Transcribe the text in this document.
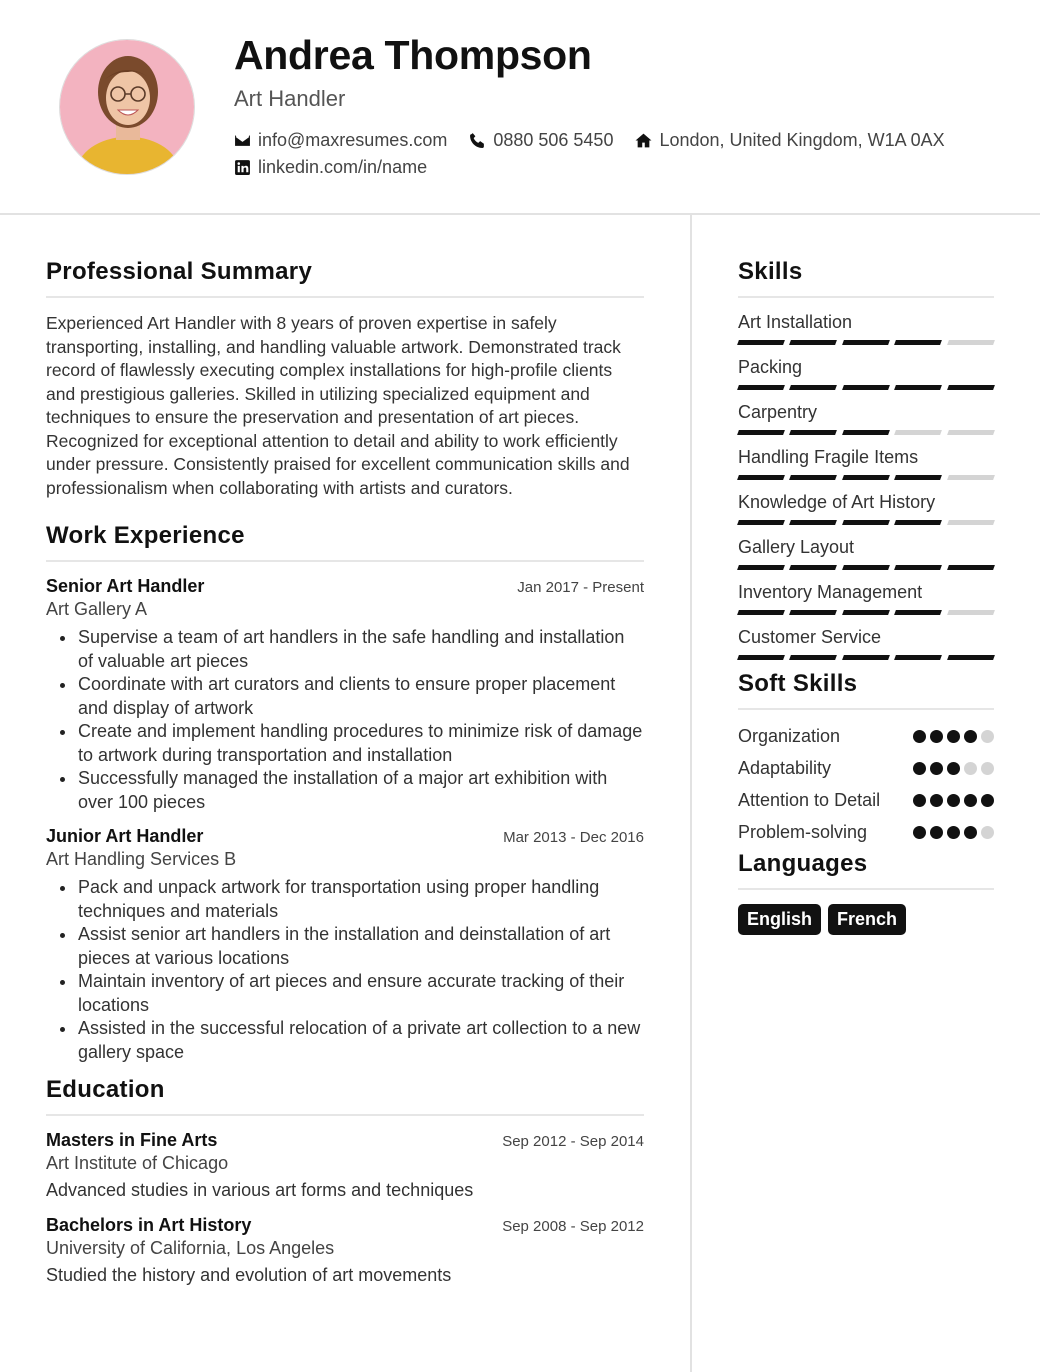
Andrea Thompson
Art Handler
info@maxresumes.com	0880 506 5450	London, United Kingdom, W1A 0AX
linkedin.com/in/name
Professional Summary

Experienced Art Handler with 8 years of proven expertise in safely transporting, installing, and handling valuable artwork. Demonstrated track record of flawlessly executing complex installations for high-profile clients and prestigious galleries. Skilled in utilizing specialized equipment and techniques to ensure the preservation and presentation of art pieces. Recognized for exceptional attention to detail and ability to work efficiently under pressure. Consistently praised for excellent communication skills and professionalism when collaborating with artists and curators.

Work Experience
Senior Art Handler	Jan 2017 - Present
Art Gallery A
Supervise a team of art handlers in the safe handling and installation of valuable art pieces
Coordinate with art curators and clients to ensure proper placement and display of artwork
Create and implement handling procedures to minimize risk of damage to artwork during transportation and installation
Successfully managed the installation of a major art exhibition with over 100 pieces
Junior Art Handler	Mar 2013 - Dec 2016
Art Handling Services B
Pack and unpack artwork for transportation using proper handling techniques and materials
Assist senior art handlers in the installation and deinstallation of art pieces at various locations
Maintain inventory of art pieces and ensure accurate tracking of their locations
Assisted in the successful relocation of a private art collection to a new gallery space
Education
Masters in Fine Arts	Sep 2012 - Sep 2014
Art Institute of Chicago
Advanced studies in various art forms and techniques
Bachelors in Art History	Sep 2008 - Sep 2012
University of California, Los Angeles
Studied the history and evolution of art movements
Skills
Art Installation
Packing
Carpentry
Handling Fragile Items
Knowledge of Art History
Gallery Layout
Inventory Management
Customer Service
Soft Skills
Organization
Adaptability
Attention to Detail
Problem-solving
Languages
English	French
